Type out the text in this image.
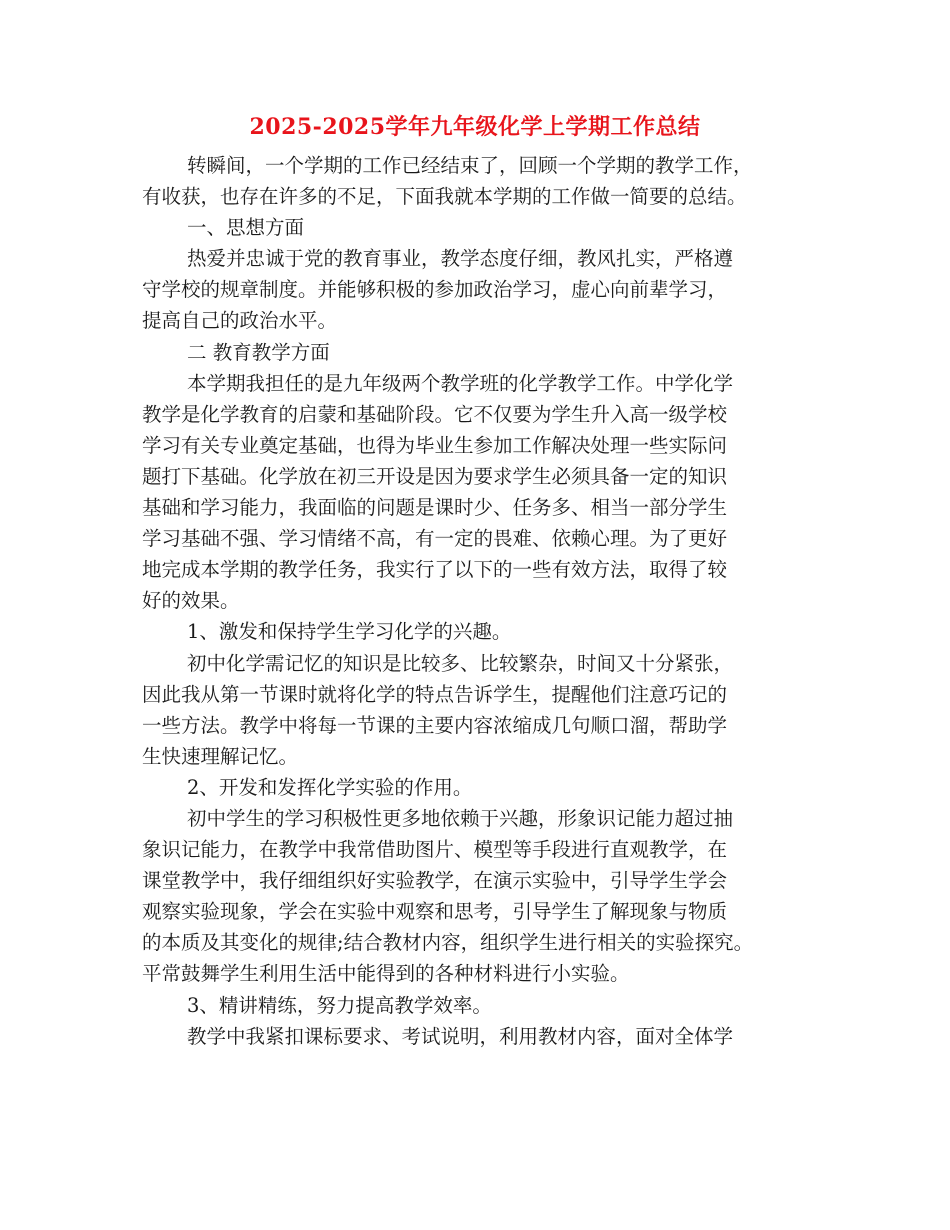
2025-2025学年九年级化学上学期工作总结
转瞬间，一个学期的工作已经结束了，回顾一个学期的教学工作，
有收获，也存在许多的不足，下面我就本学期的工作做一简要的总结。
一、思想方面
热爱并忠诚于党的教育事业，教学态度仔细，教风扎实，严格遵
守学校的规章制度。并能够积极的参加政治学习，虚心向前辈学习，
提高自己的政治水平。
二 教育教学方面
本学期我担任的是九年级两个教学班的化学教学工作。中学化学
教学是化学教育的启蒙和基础阶段。它不仅要为学生升入高一级学校
学习有关专业奠定基础，也得为毕业生参加工作解决处理一些实际问
题打下基础。化学放在初三开设是因为要求学生必须具备一定的知识
基础和学习能力，我面临的问题是课时少、任务多、相当一部分学生
学习基础不强、学习情绪不高，有一定的畏难、依赖心理。为了更好
地完成本学期的教学任务，我实行了以下的一些有效方法，取得了较
好的效果。
1、激发和保持学生学习化学的兴趣。
初中化学需记忆的知识是比较多、比较繁杂，时间又十分紧张，
因此我从第一节课时就将化学的特点告诉学生，提醒他们注意巧记的
一些方法。教学中将每一节课的主要内容浓缩成几句顺口溜，帮助学
生快速理解记忆。
2、开发和发挥化学实验的作用。
初中学生的学习积极性更多地依赖于兴趣，形象识记能力超过抽
象识记能力，在教学中我常借助图片、模型等手段进行直观教学，在
课堂教学中，我仔细组织好实验教学，在演示实验中，引导学生学会
观察实验现象，学会在实验中观察和思考，引导学生了解现象与物质
的本质及其变化的规律;结合教材内容，组织学生进行相关的实验探究。
平常鼓舞学生利用生活中能得到的各种材料进行小实验。
3、精讲精练，努力提高教学效率。
教学中我紧扣课标要求、考试说明，利用教材内容，面对全体学
